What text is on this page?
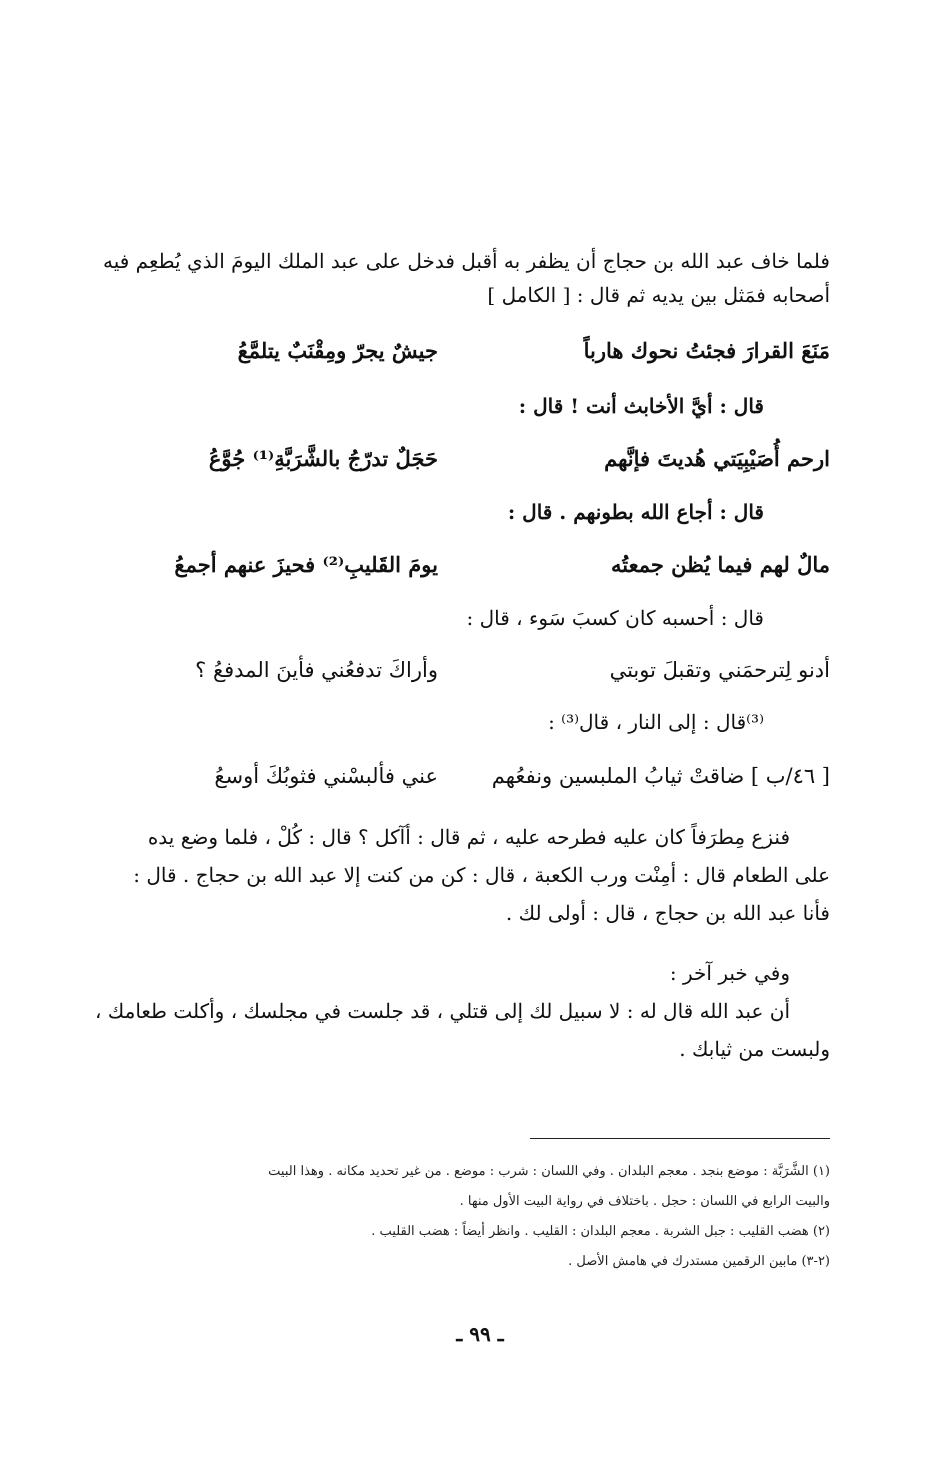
فلما خاف عبد الله بن حجاج أن يظفر به أقبل فدخل على عبد الملك اليومَ الذي يُطعِم فيه
أصحابه فمَثل بين يديه ثم قال : [ الكامل ]
مَنَعَ القرارَ فجئتُ نحوك هارباً
جيشٌ يجرّ ومِقْنَبٌ يتلمَّعُ
قال : أيَّ الأخابث أنت ! قال :
ارحم أُصَيْبِيَتي هُديتَ فإنَّهم
حَجَلٌ تدرّجُ بالشَّرَبَّةِ⁽¹⁾ جُوَّعُ
قال : أجاع الله بطونهم . قال :
مالٌ لهم فيما يُظن جمعتُه
يومَ القَليبِ⁽²⁾ فحيزَ عنهم أجمعُ
قال : أحسبه كان كسبَ سَوء ، قال :
أدنو لِترحمَني وتقبلَ توبتي
وأراكَ تدفعُني فأينَ المدفعُ ؟
⁽³⁾قال : إلى النار ، قال⁽³⁾ :
[ ٤٦/ب ] ضاقتْ ثيابُ الملبسين ونفعُهم
عني فألبسْني فثوبُكَ أوسعُ
فنزع مِطرَفاً كان عليه فطرحه عليه ، ثم قال : أآكل ؟ قال : كُلْ ، فلما وضع يده
على الطعام قال : أمِنْت ورب الكعبة ، قال : كن من كنت إلا عبد الله بن حجاج . قال :
فأنا عبد الله بن حجاج ، قال : أولى لك .
وفي خبر آخر :
أن عبد الله قال له : لا سبيل لك إلى قتلي ، قد جلست في مجلسك ، وأكلت طعامك ،
ولبست من ثيابك .
(١) الشَّرَبَّة : موضع بنجد . معجم البلدان . وفي اللسان : شرب : موضع . من غير تحديد مكانه . وهذا البيت
والبيت الرابع في اللسان : حجل . باختلاف في رواية البيت الأول منها .
(٢) هضب القليب : جبل الشربة . معجم البلدان : القليب . وانظر أيضاً : هضب القليب .
(٢-٣) مابين الرقمين مستدرك في هامش الأصل .
ـ ٩٩ ـ
